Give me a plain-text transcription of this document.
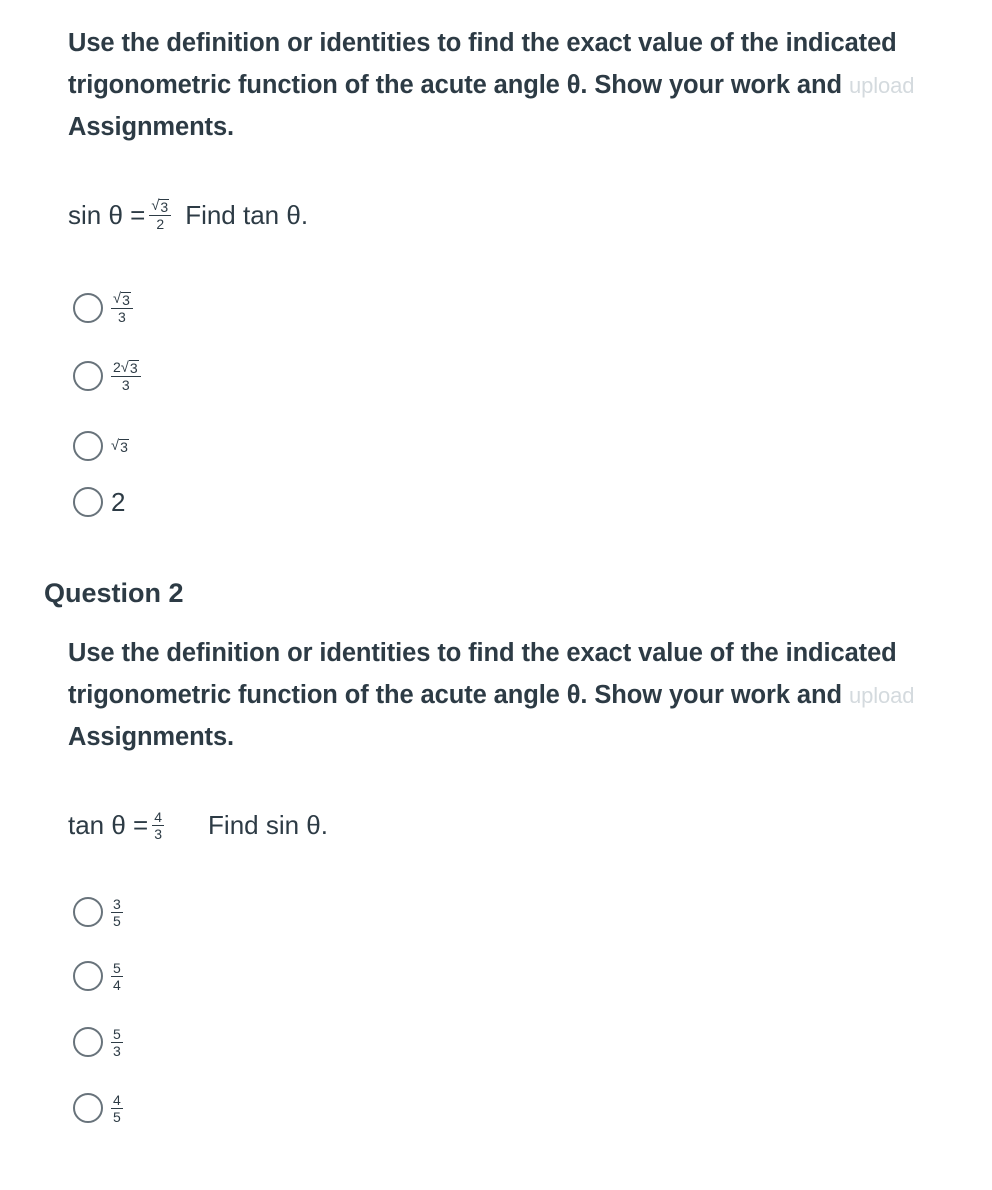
Use the definition or identities to find the exact value of the indicated
trigonometric function of the acute angle θ. Show your work and upload
Assignments.
$\sin \theta = \frac{√ 3}{2}$ Find tan θ.
$\frac{√ 3}{3}$
$\frac{2 √ 3}{3}$
√ 3
2
Question 2
Use the definition or identities to find the exact value of the indicated
trigonometric function of the acute angle θ. Show your work and upload
Assignments.
$\tan \theta = \frac{4}{3}$ Find sin θ.
$\frac{3}{5}$
$\frac{5}{4}$
$\frac{5}{3}$
$\frac{4}{5}$
